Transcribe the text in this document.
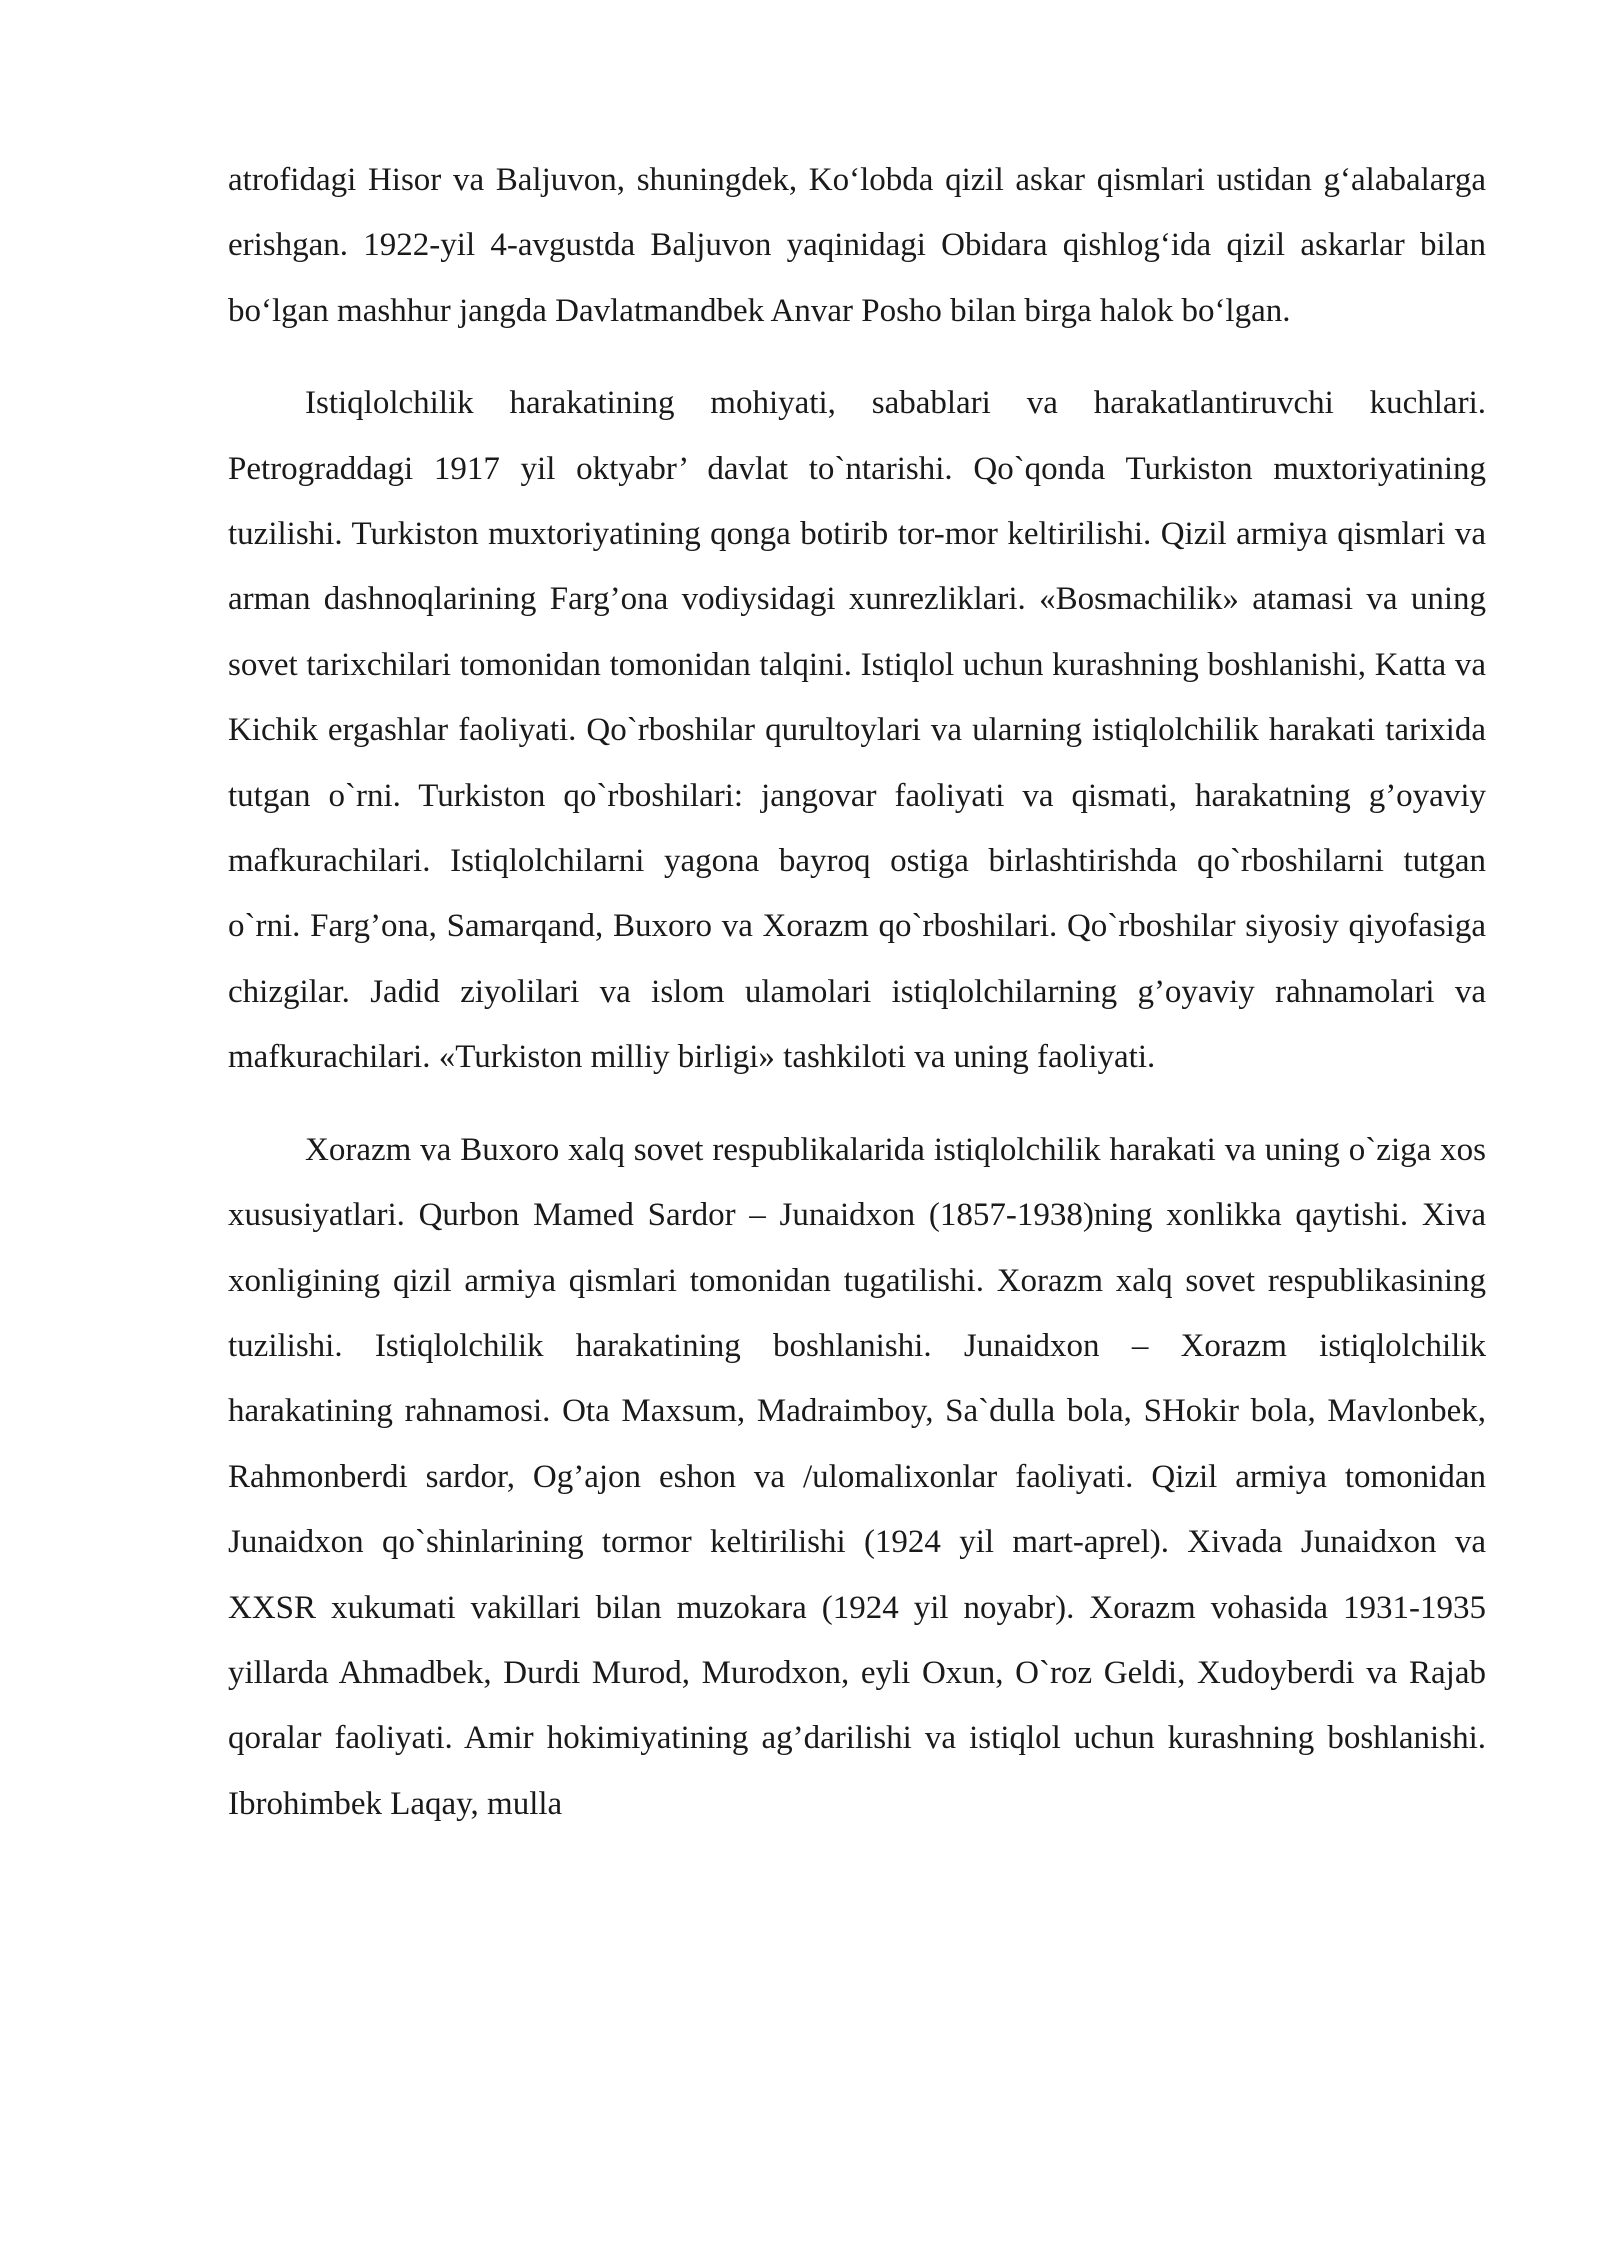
atrofidagi Hisor va Baljuvon, shuningdek, Ko‘lobda qizil askar qismlari ustidan g‘alabalarga erishgan. 1922-yil 4-avgustda Baljuvon yaqinidagi Obidara qishlog‘ida qizil askarlar bilan bo‘lgan mashhur jangda Davlatmandbek Anvar Posho bilan birga halok bo‘lgan.

Istiqlolchilik harakatining mohiyati, sabablari va harakatlantiruvchi kuchlari. Petrograddagi 1917 yil oktyabr’ davlat to`ntarishi. Qo`qonda Turkiston muxtoriyatining tuzilishi. Turkiston muxtoriyatining qonga botirib tor-mor keltirilishi. Qizil armiya qismlari va arman dashnoqlarining Farg’ona vodiysidagi xunrezliklari. «Bosmachilik» atamasi va uning sovet tarixchilari tomonidan tomonidan talqini. Istiqlol uchun kurashning boshlanishi, Katta va Kichik ergashlar faoliyati. Qo`rboshilar qurultoylari va ularning istiqlolchilik harakati tarixida tutgan o`rni. Turkiston qo`rboshilari: jangovar faoliyati va qismati, harakatning g’oyaviy mafkurachilari. Istiqlolchilarni yagona bayroq ostiga birlashtirishda qo`rboshilarni tutgan o`rni. Farg’ona, Samarqand, Buxoro va Xorazm qo`rboshilari. Qo`rboshilar siyosiy qiyofasiga chizgilar. Jadid ziyolilari va islom ulamolari istiqlolchilarning g’oyaviy rahnamolari va mafkurachilari. «Turkiston milliy birligi» tashkiloti va uning faoliyati.

Xorazm va Buxoro xalq sovet respublikalarida istiqlolchilik harakati va uning o`ziga xos xususiyatlari. Qurbon Mamed Sardor – Junaidxon (1857-1938)ning xonlikka qaytishi. Xiva xonligining qizil armiya qismlari tomonidan tugatilishi. Xorazm xalq sovet respublikasining tuzilishi. Istiqlolchilik harakatining boshlanishi. Junaidxon – Xorazm istiqlolchilik harakatining rahnamosi. Ota Maxsum, Madraimboy, Sa`dulla bola, SHokir bola, Mavlonbek, Rahmonberdi sardor, Og’ajon eshon va /ulomalixonlar faoliyati. Qizil armiya tomonidan Junaidxon qo`shinlarining tormor keltirilishi (1924 yil mart-aprel). Xivada Junaidxon va XXSR xukumati vakillari bilan muzokara (1924 yil noyabr). Xorazm vohasida 1931-1935 yillarda Ahmadbek, Durdi Murod, Murodxon, eyli Oxun, O`roz Geldi, Xudoyberdi va Rajab qoralar faoliyati. Amir hokimiyatining ag’darilishi va istiqlol uchun kurashning boshlanishi. Ibrohimbek Laqay, mulla
